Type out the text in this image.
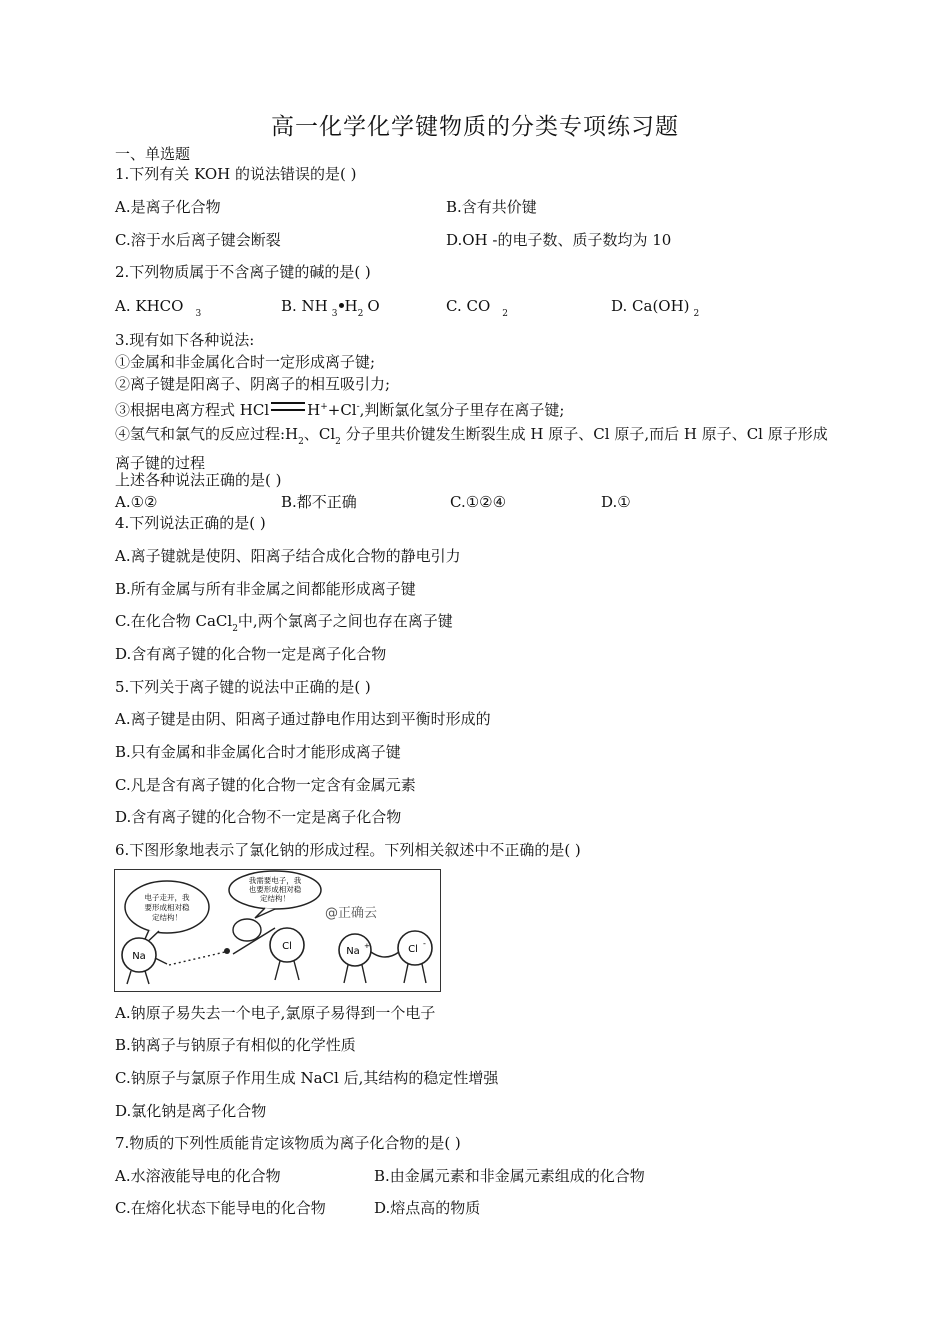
高一化学化学键物质的分类专项练习题
一、单选题
1.下列有关 KOH 的说法错误的是( )
A.是离子化合物	B.含有共价键
C.溶于水后离子键会断裂	D.OH -的电子数、质子数均为 10
2.下列物质属于不含离子键的碱的是( )
A. KHCO $_3$	B. NH $_3$ $H_2$ O	C. CO $_2$	D. Ca(OH) $_2$
3.现有如下各种说法:
①金属和非金属化合时一定形成离子键;
②离子键是阳离子、阴离子的相互吸引力;
③根据电离方程式 HCl	H++Cl-,判断氯化氢分子里存在离子键;
④氢气和氯气的反应过程$:H_2$、$Cl_2$ 分子里共价键发生断裂生成 H 原子、Cl 原子,而后 H 原子、Cl 原子形成离子键的过程
上述各种说法正确的是( )
A.①②	B.都不正确	C.①②④	D.①
4.下列说法正确的是( )
A.离子键就是使阴、阳离子结合成化合物的静电引力
B.所有金属与所有非金属之间都能形成离子键
C.在化合物 CaCl$_2$中,两个氯离子之间也存在离子键
D.含有离子键的化合物一定是离子化合物
5.下列关于离子键的说法中正确的是( )
A.离子键是由阴、阳离子通过静电作用达到平衡时形成的
B.只有金属和非金属化合时才能形成离子键
C.凡是含有离子键的化合物一定含有金属元素
D.含有离子键的化合物不一定是离子化合物
6.下图形象地表示了氯化钠的形成过程。下列相关叙述中不正确的是( )
电子走开，我
要形成相对稳
定结构！
我需要电子，我
也要形成相对稳
定结构！
@正确云
Na
Cl	Na +	Cl
-
A.钠原子易失去一个电子,氯原子易得到一个电子
B.钠离子与钠原子有相似的化学性质
C.钠原子与氯原子作用生成 NaCl 后,其结构的稳定性增强
D.氯化钠是离子化合物
7.物质的下列性质能肯定该物质为离子化合物的是( )
A.水溶液能导电的化合物	B.由金属元素和非金属元素组成的化合物
C.在熔化状态下能导电的化合物	D.熔点高的物质
